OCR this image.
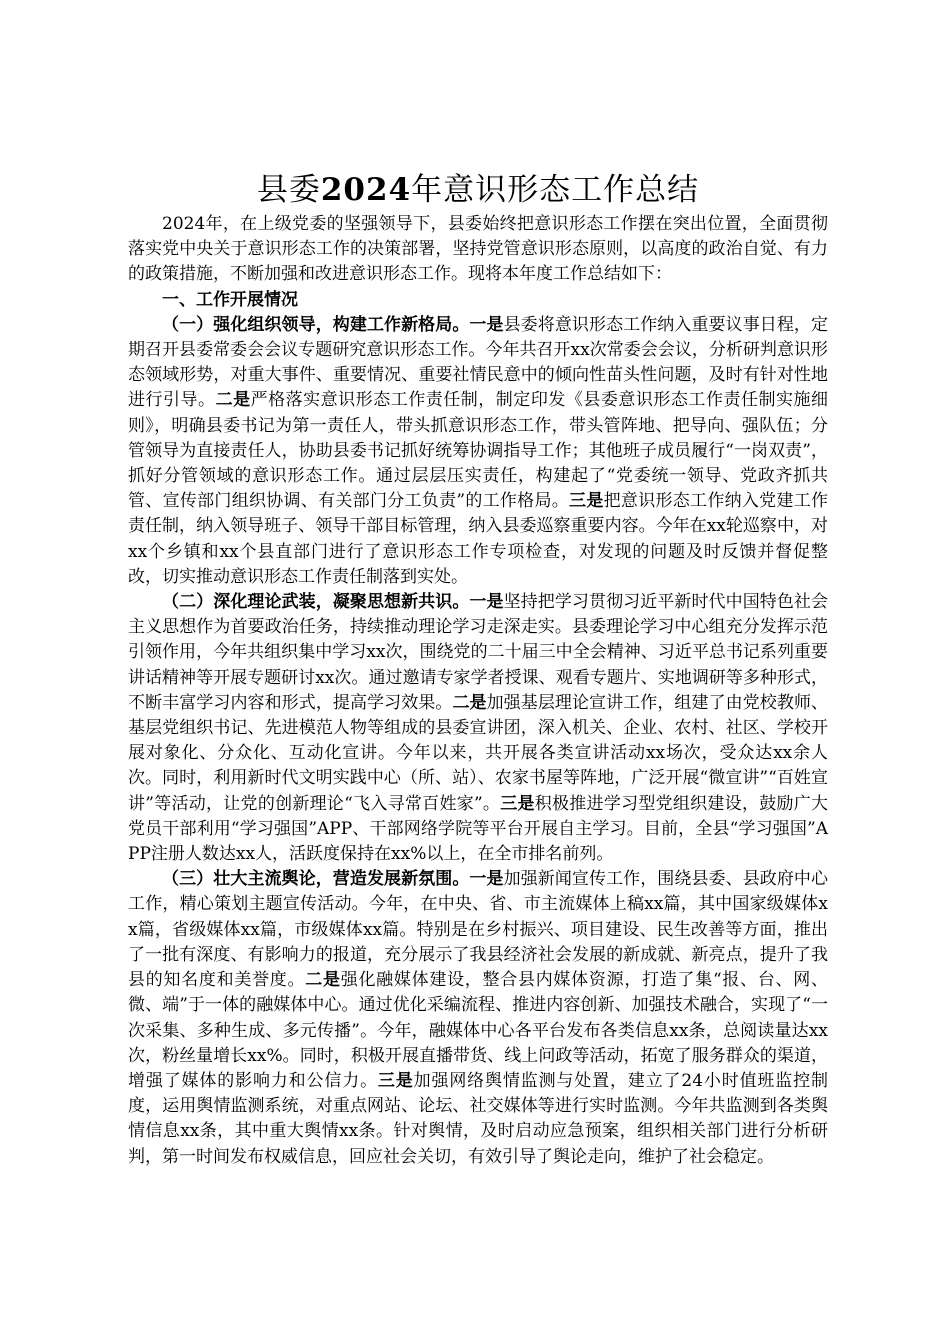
县委2024年意识形态工作总结

2024年，在上级党委的坚强领导下，县委始终把意识形态工作摆在突出位置，全面贯彻落实党中央关于意识形态工作的决策部署，坚持党管意识形态原则，以高度的政治自觉、有力的政策措施，不断加强和改进意识形态工作。现将本年度工作总结如下：

一、工作开展情况

（一）强化组织领导，构建工作新格局。一是县委将意识形态工作纳入重要议事日程，定期召开县委常委会会议专题研究意识形态工作。今年共召开xx次常委会会议，分析研判意识形态领域形势，对重大事件、重要情况、重要社情民意中的倾向性苗头性问题，及时有针对性地进行引导。二是严格落实意识形态工作责任制，制定印发《县委意识形态工作责任制实施细则》，明确县委书记为第一责任人，带头抓意识形态工作，带头管阵地、把导向、强队伍；分管领导为直接责任人，协助县委书记抓好统筹协调指导工作；其他班子成员履行“一岗双责”，抓好分管领域的意识形态工作。通过层层压实责任，构建起了“党委统一领导、党政齐抓共管、宣传部门组织协调、有关部门分工负责”的工作格局。三是把意识形态工作纳入党建工作责任制，纳入领导班子、领导干部目标管理，纳入县委巡察重要内容。今年在xx轮巡察中，对xx个乡镇和xx个县直部门进行了意识形态工作专项检查，对发现的问题及时反馈并督促整改，切实推动意识形态工作责任制落到实处。

（二）深化理论武装，凝聚思想新共识。一是坚持把学习贯彻习近平新时代中国特色社会主义思想作为首要政治任务，持续推动理论学习走深走实。县委理论学习中心组充分发挥示范引领作用，今年共组织集中学习xx次，围绕党的二十届三中全会精神、习近平总书记系列重要讲话精神等开展专题研讨xx次。通过邀请专家学者授课、观看专题片、实地调研等多种形式，不断丰富学习内容和形式，提高学习效果。二是加强基层理论宣讲工作，组建了由党校教师、基层党组织书记、先进模范人物等组成的县委宣讲团，深入机关、企业、农村、社区、学校开展对象化、分众化、互动化宣讲。今年以来，共开展各类宣讲活动xx场次，受众达xx余人次。同时，利用新时代文明实践中心（所、站）、农家书屋等阵地，广泛开展“微宣讲”“百姓宣讲”等活动，让党的创新理论“飞入寻常百姓家”。三是积极推进学习型党组织建设，鼓励广大党员干部利用“学习强国”APP、干部网络学院等平台开展自主学习。目前，全县“学习强国”APP注册人数达xx人，活跃度保持在xx%以上，在全市排名前列。

（三）壮大主流舆论，营造发展新氛围。一是加强新闻宣传工作，围绕县委、县政府中心工作，精心策划主题宣传活动。今年，在中央、省、市主流媒体上稿xx篇，其中国家级媒体xx篇，省级媒体xx篇，市级媒体xx篇。特别是在乡村振兴、项目建设、民生改善等方面，推出了一批有深度、有影响力的报道，充分展示了我县经济社会发展的新成就、新亮点，提升了我县的知名度和美誉度。二是强化融媒体建设，整合县内媒体资源，打造了集“报、台、网、微、端”于一体的融媒体中心。通过优化采编流程、推进内容创新、加强技术融合，实现了“一次采集、多种生成、多元传播”。今年，融媒体中心各平台发布各类信息xx条，总阅读量达xx次，粉丝量增长xx%。同时，积极开展直播带货、线上问政等活动，拓宽了服务群众的渠道，增强了媒体的影响力和公信力。三是加强网络舆情监测与处置，建立了24小时值班监控制度，运用舆情监测系统，对重点网站、论坛、社交媒体等进行实时监测。今年共监测到各类舆情信息xx条，其中重大舆情xx条。针对舆情，及时启动应急预案，组织相关部门进行分析研判，第一时间发布权威信息，回应社会关切，有效引导了舆论走向，维护了社会稳定。
